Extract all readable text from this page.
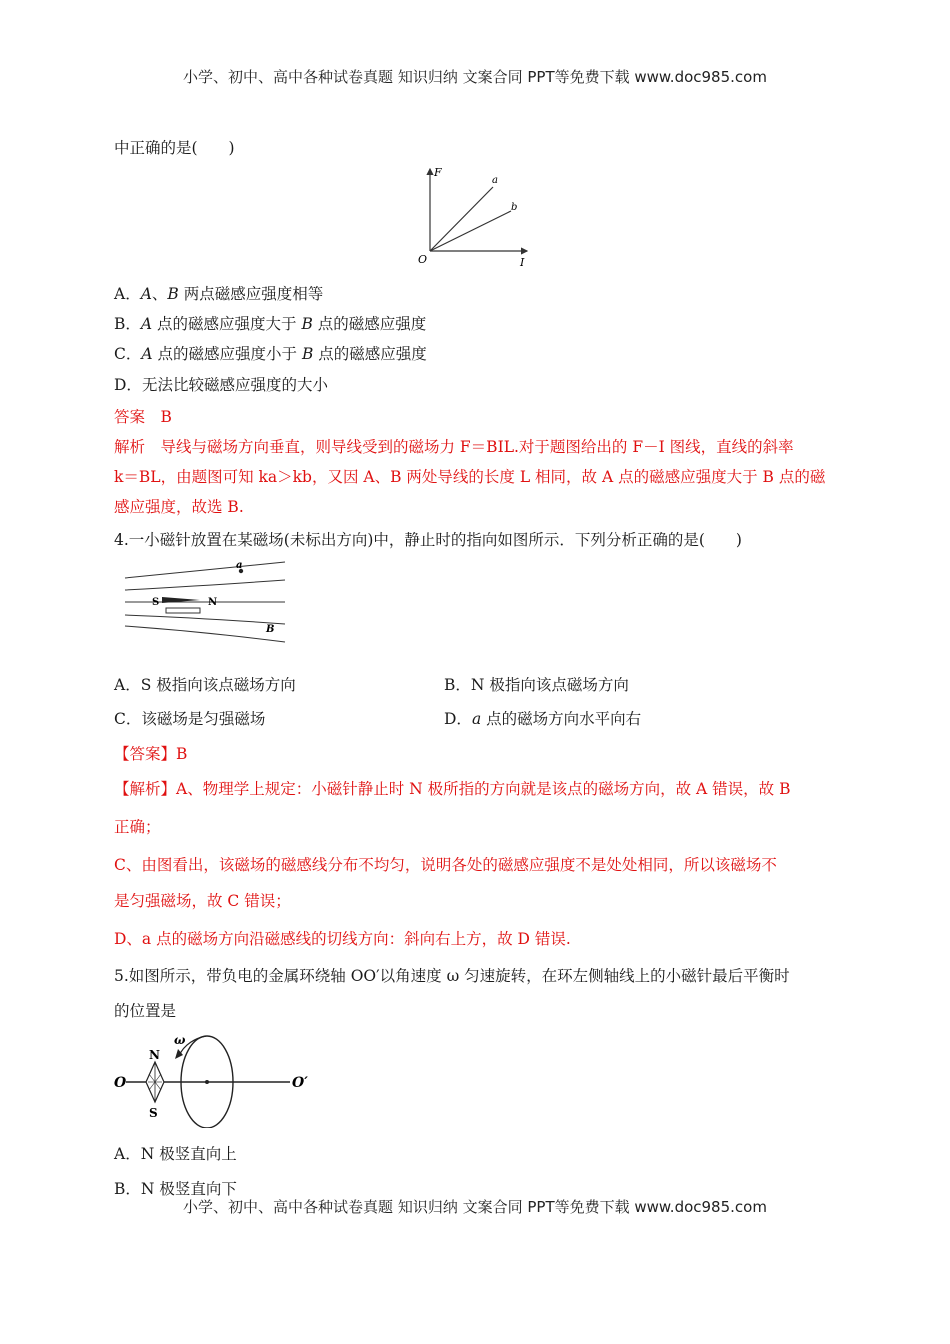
小学、初中、高中各种试卷真题 知识归纳 文案合同 PPT等免费下载 www.doc985.com
中正确的是(　　)
F
I
O
a
b
A．A、B 两点磁感应强度相等
B．A 点的磁感应强度大于 B 点的磁感应强度
C．A 点的磁感应强度小于 B 点的磁感应强度
D．无法比较磁感应强度的大小
答案　B
解析　导线与磁场方向垂直，则导线受到的磁场力 F＝BIL.对于题图给出的 F－I 图线，直线的斜率
k＝BL，由题图可知 ka＞kb，又因 A、B 两处导线的长度 L 相同，故 A 点的磁感应强度大于 B 点的磁
感应强度，故选 B.
4.一小磁针放置在某磁场(未标出方向)中，静止时的指向如图所示．下列分析正确的是(　　)
a
S	N
B
A．S 极指向该点磁场方向	B．N 极指向该点磁场方向
C．该磁场是匀强磁场	D．a 点的磁场方向水平向右
【答案】B
【解析】A、物理学上规定：小磁针静止时 N 极所指的方向就是该点的磁场方向，故 A 错误，故 B
正确；
C、由图看出，该磁场的磁感线分布不均匀，说明各处的磁感应强度不是处处相同，所以该磁场不
是匀强磁场，故 C 错误；
D、a 点的磁场方向沿磁感线的切线方向：斜向右上方，故 D 错误.
5.如图所示，带负电的金属环绕轴 OO′以角速度 ω 匀速旋转，在环左侧轴线上的小磁针最后平衡时
的位置是
ω
N
S
O	O′
A．N 极竖直向上
B．N 极竖直向下
小学、初中、高中各种试卷真题 知识归纳 文案合同 PPT等免费下载 www.doc985.com
